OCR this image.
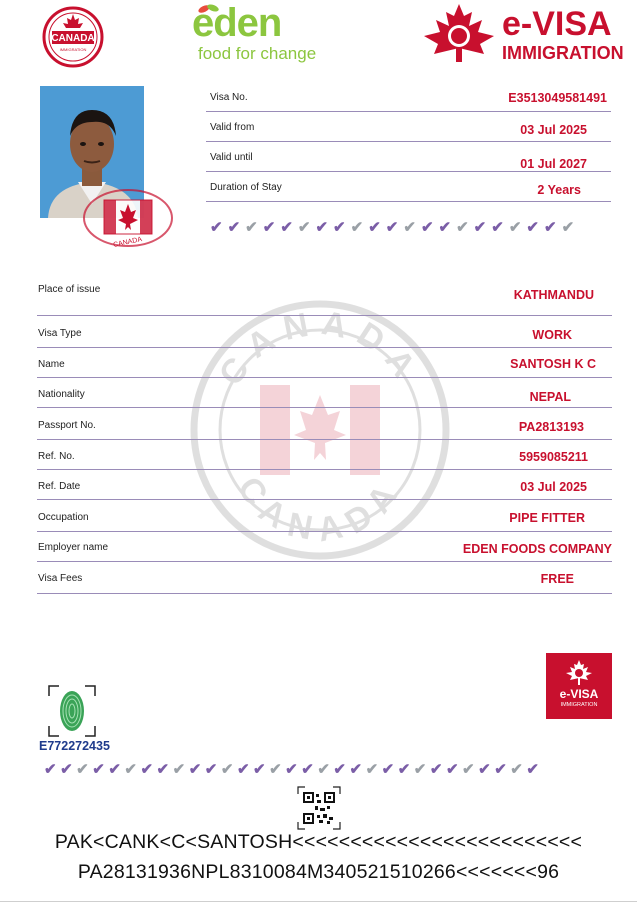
CANADA
CANADA
CANADA
IMMIGRATION
eden
food for change
e-VISA
IMMIGRATION
CANADA
Visa No.	E3513049581491
Valid from	03 Jul 2025
Valid until	01 Jul 2027
Duration of Stay	2 Years
✔ ✔ ✔ ✔ ✔ ✔ ✔ ✔ ✔ ✔ ✔ ✔ ✔ ✔ ✔ ✔ ✔ ✔ ✔ ✔ ✔
Place of issue	KATHMANDU
Visa Type	WORK
Name	SANTOSH K C
Nationality	NEPAL
Passport No.	PA2813193
Ref. No.	5959085211
Ref. Date	03 Jul 2025
Occupation	PIPE FITTER
Employer name	EDEN FOODS COMPANY
Visa Fees	FREE
E772272435
e-VISA
IMMIGRATION
✔ ✔ ✔ ✔ ✔ ✔ ✔ ✔ ✔ ✔ ✔ ✔ ✔ ✔ ✔ ✔ ✔ ✔ ✔ ✔ ✔ ✔ ✔ ✔ ✔ ✔ ✔ ✔ ✔ ✔ ✔
PAK<CANK<C<SANTOSH<<<<<<<<<<<<<<<<<<<<<<<<<
PA28131936NPL8310084M340521510266<<<<<<<96
